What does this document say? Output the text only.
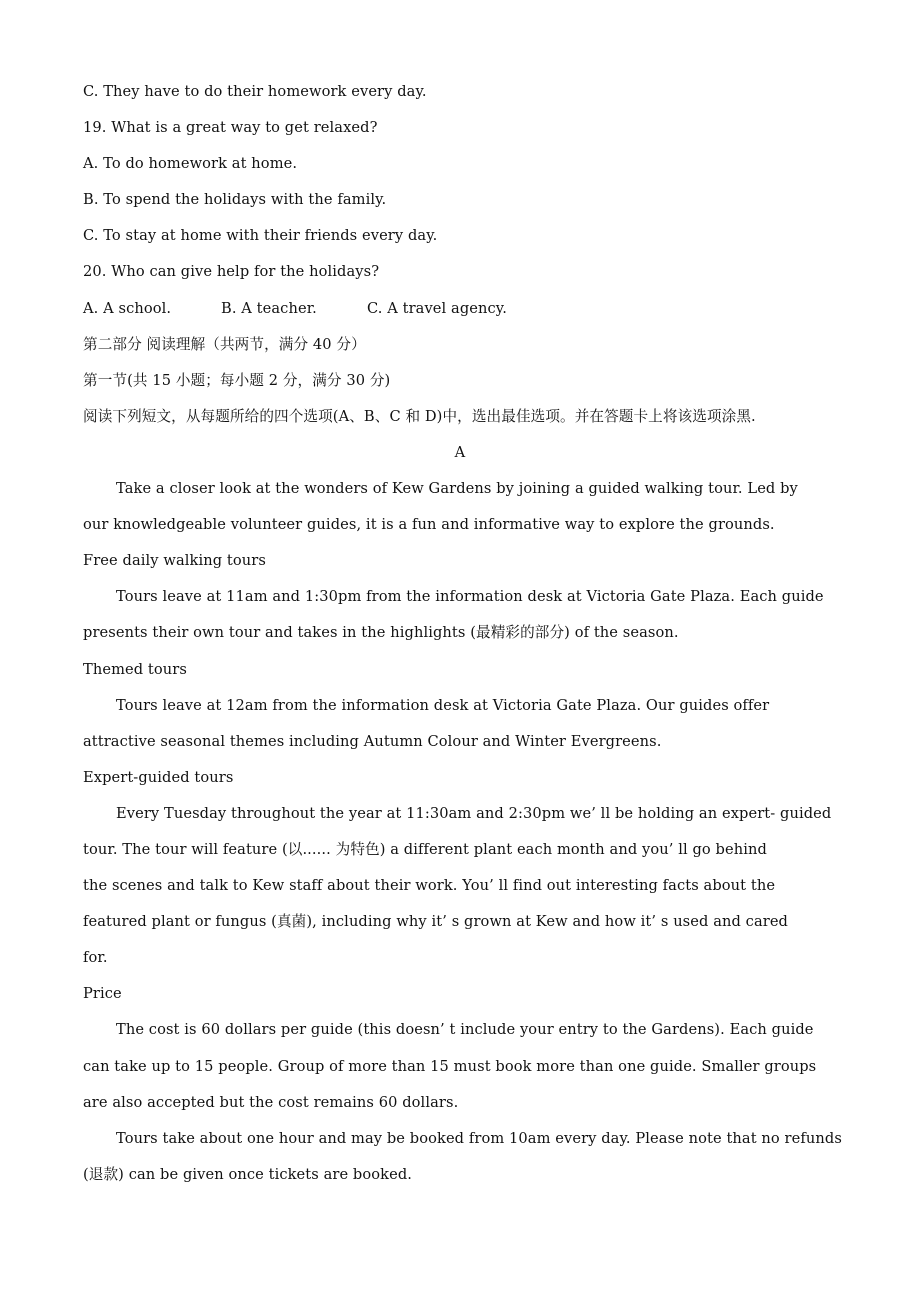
C. They have to do their homework every day.
19. What is a great way to get relaxed?
A. To do homework at home.
B. To spend the holidays with the family.
C. To stay at home with their friends every day.
20. Who can give help for the holidays?
A. A school.	B. A teacher.	C. A travel agency.
第二部分 阅读理解（共两节，满分 40 分）
第一节(共 15 小题；每小题 2 分，满分 30 分)
阅读下列短文，从每题所给的四个选项(A、B、C 和 D)中，选出最佳选项。并在答题卡上将该选项涂黑.
A
Take a closer look at the wonders of Kew Gardens by joining a guided walking tour. Led by
our knowledgeable volunteer guides, it is a fun and informative way to explore the grounds.
Free daily walking tours
Tours leave at 11am and 1:30pm from the information desk at Victoria Gate Plaza. Each guide
presents their own tour and takes in the highlights (最精彩的部分) of the season.
Themed tours
Tours leave at 12am from the information desk at Victoria Gate Plaza. Our guides offer
attractive seasonal themes including Autumn Colour and Winter Evergreens.
Expert-guided tours
Every Tuesday throughout the year at 11:30am and 2:30pm we’ ll be holding an expert- guided
tour. The tour will feature (以...... 为特色) a different plant each month and you’ ll go behind
the scenes and talk to Kew staff about their work. You’ ll find out interesting facts about the
featured plant or fungus (真菌), including why it’ s grown at Kew and how it’ s used and cared
for.
Price
The cost is 60 dollars per guide (this doesn’ t include your entry to the Gardens). Each guide
can take up to 15 people. Group of more than 15 must book more than one guide. Smaller groups
are also accepted but the cost remains 60 dollars.
Tours take about one hour and may be booked from 10am every day. Please note that no refunds
(退款) can be given once tickets are booked.
